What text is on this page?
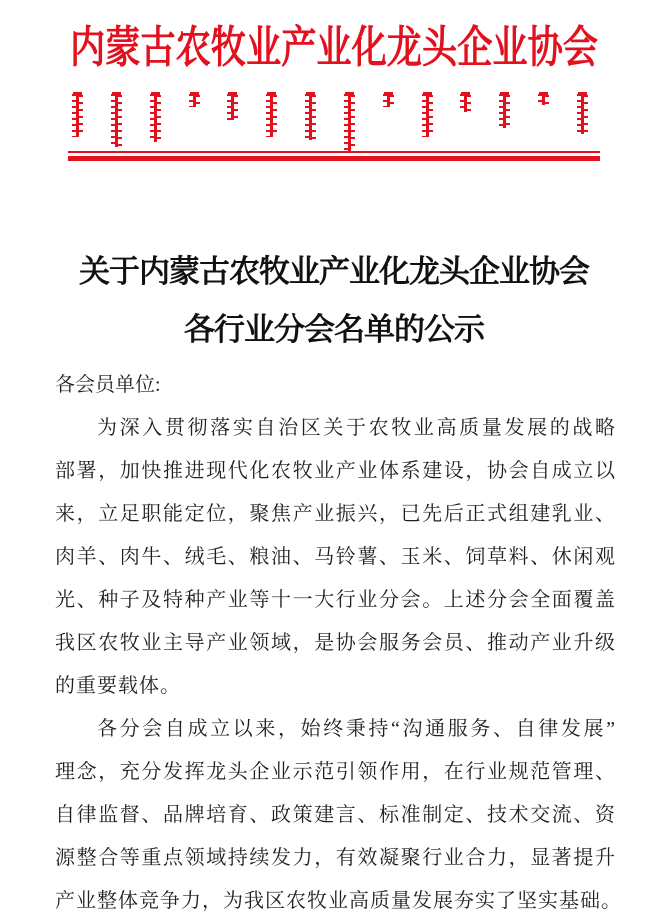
内蒙古农牧业产业化龙头企业协会
关于内蒙古农牧业产业化龙头企业协会
各行业分会名单的公示
各会员单位:
为深入贯彻落实自治区关于农牧业高质量发展的战略
部署，加快推进现代化农牧业产业体系建设，协会自成立以
来，立足职能定位，聚焦产业振兴，已先后正式组建乳业、
肉羊、肉牛、绒毛、粮油、马铃薯、玉米、饲草料、休闲观
光、种子及特种产业等十一大行业分会。上述分会全面覆盖
我区农牧业主导产业领域，是协会服务会员、推动产业升级
的重要载体。
各分会自成立以来，始终秉持“沟通服务、自律发展”
理念，充分发挥龙头企业示范引领作用，在行业规范管理、
自律监督、品牌培育、政策建言、标准制定、技术交流、资
源整合等重点领域持续发力，有效凝聚行业合力，显著提升
产业整体竞争力，为我区农牧业高质量发展夯实了坚实基础。
